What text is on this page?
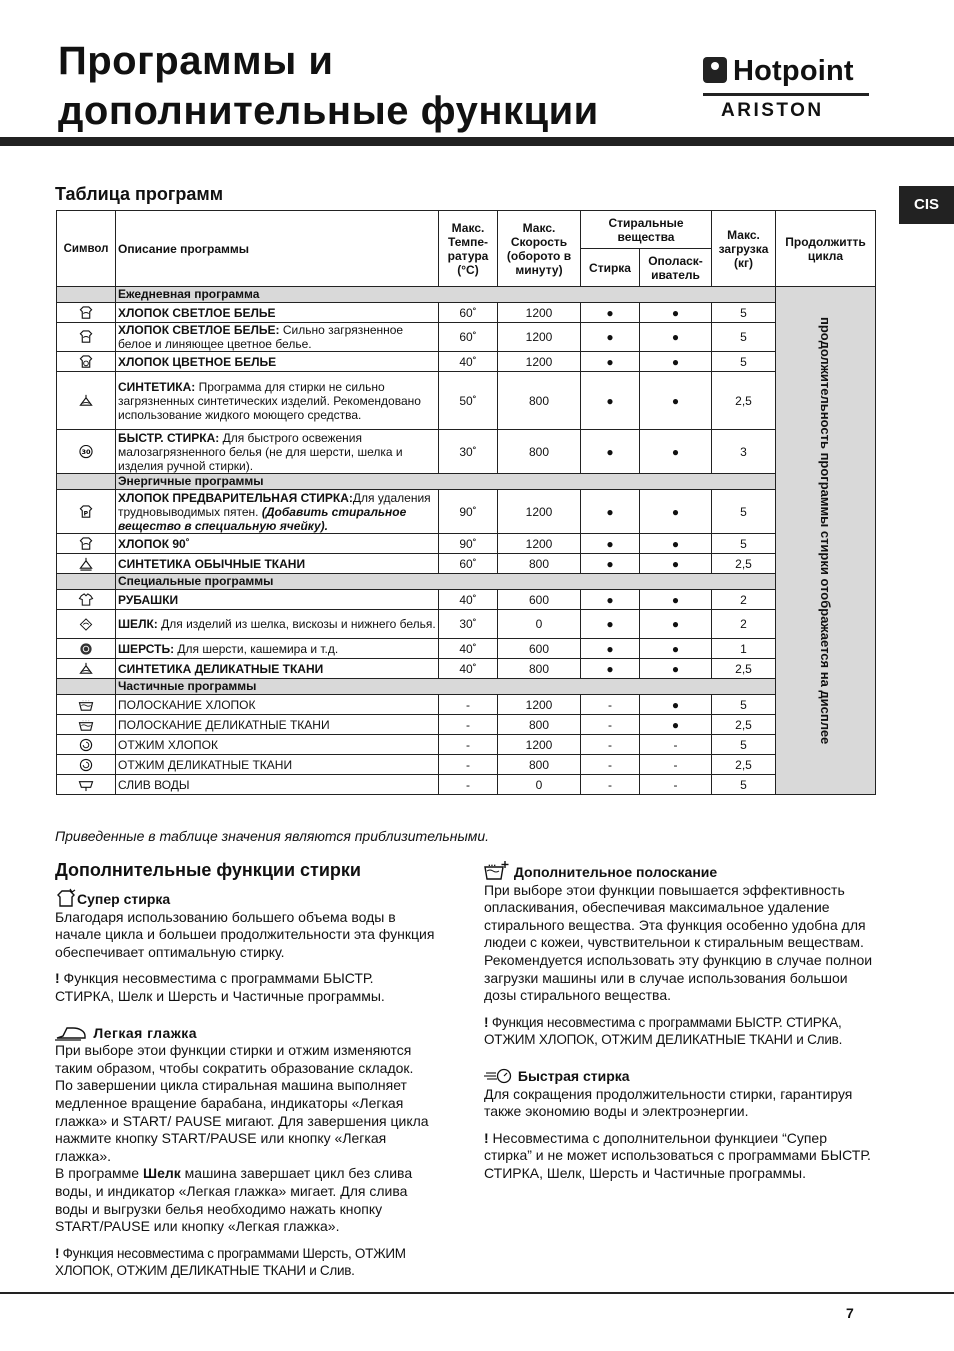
Программы и
дополнительные функции
Hotpoint
ARISTON
CIS
Таблица программ
Символ	Описание программы	Макс. Темпе-ратура (°С)	Макс. Скорость (оборото в минуту)	Стиральные вещества		Макс. загрузка (кг)	Продолжитть цикла
				Стирка	Ополаск-иватель		
	Ежедневная программа						продолжительность программы стирки отображается на дисплее

	ХЛОПОК СВЕТЛОЕ БЕЛЬЕ	60˚	1200	●	●	5	
	ХЛОПОК СВЕТЛОЕ БЕЛЬЕ: Сильно загрязненное белое и линяющее цветное белье.	60˚	1200	●	●	5	
	ХЛОПОК ЦВЕТНОЕ БЕЛЬЕ	40˚	1200	●	●	5	
	СИНТЕТИКА: Программа для стирки не сильно загрязненных синтетических изделий. Рекомендовано использование жидкого моющего средства.	50˚	800	●	●	2,5	

30	БЫСТР. СТИРКА: Для быстрого освежения малозагрязненного белья (не для шерсти, шелка и изделия ручной стирки).	30˚	800	●	●	3	
	Энергичные программы						

P	ХЛОПОК ПРЕДВАРИТЕЛЬНАЯ СТИРКА:Для удаления трудновыводимых пятен. (Добавить стиральное вещество в специальную ячейку).	90˚	1200	●	●	5	
	ХЛОПОК 90˚	90˚	1200	●	●	5	
	СИНТЕТИКА ОБЫЧНЫЕ ТКАНИ	60˚	800	●	●	2,5	
	Специальные программы						
	РУБАШКИ	40˚	600	●	●	2	
	ШЕЛК: Для изделий из шелка, вискозы и нижнего белья.	30˚	0	●	●	2	
	ШЕРСТЬ: Для шерсти, кашемира и т.д.	40˚	600	●	●	1	
	СИНТЕТИКА ДЕЛИКАТНЫЕ ТКАНИ	40˚	800	●	●	2,5	
	Частичные программы						

· · ·	ПОЛОСКАНИЕ ХЛОПОК	-	1200	-	●	5	

· · ·	ПОЛОСКАНИЕ ДЕЛИКАТНЫЕ ТКАНИ	-	800	-	●	2,5	
	ОТЖИМ ХЛОПОК	-	1200	-	-	5	
	ОТЖИМ ДЕЛИКАТНЫЕ ТКАНИ	-	800	-	-	2,5	
	СЛИВ ВОДЫ	-	0	-	-	5	
Приведенные в таблице значения являются приблизительными.
Дополнительные функции стирки

Супер стирка

Благодаря использованию большего объема воды в начале цикла и большеи продолжительности эта функция обеспечивает оптимальную стирку.

! Функция несовместима с программами БЫСТР. СТИРКА, Шелк и Шерсть и Частичные программы.

Легкая глажка

При выборе этои функции стирки и отжим изменяются таким образом, чтобы сократить образование складок. По завершении цикла стиральная машина выполняет медленное вращение барабана, индикаторы «Легкая глажка» и START/ PAUSE мигают. Для завершения цикла нажмите кнопку START/PAUSE или кнопку «Легкая глажка».

В программе Шелк машина завершает цикл без слива воды, и индикатор «Легкая глажка» мигает. Для слива воды и выгрузки белья необходимо нажать кнопку START/PAUSE или кнопку «Легкая глажка».

! Функция несовместима с программами Шерсть, ОТЖИМ ХЛОПОК, ОТЖИМ ДЕЛИКАТНЫЕ ТКАНИ и Слив.

··· Дополнительное полоскание

При выборе этои функции повышается эффективность опласкивания, обеспечивая максимальное удаление стирального вещества. Эта функция особенно удобна для людеи с кожеи, чувствительнои к стиральным веществам. Рекомендуется использовать эту функцию в случае полнои загрузки машины или в случае использования большои дозы стирального вещества.

! Функция несовместима с программами БЫСТР. СТИРКА, ОТЖИМ ХЛОПОК, ОТЖИМ ДЕЛИКАТНЫЕ ТКАНИ и Слив.

Быстрая стирка

Для сокращения продолжительности стирки, гарантируя также экономию воды и электроэнергии.

! Несовместима с дополнительнои функциеи “Супер стирка” и не может использоваться с программами БЫСТР. СТИРКА, Шелк, Шерсть и Частичные программы.

7
